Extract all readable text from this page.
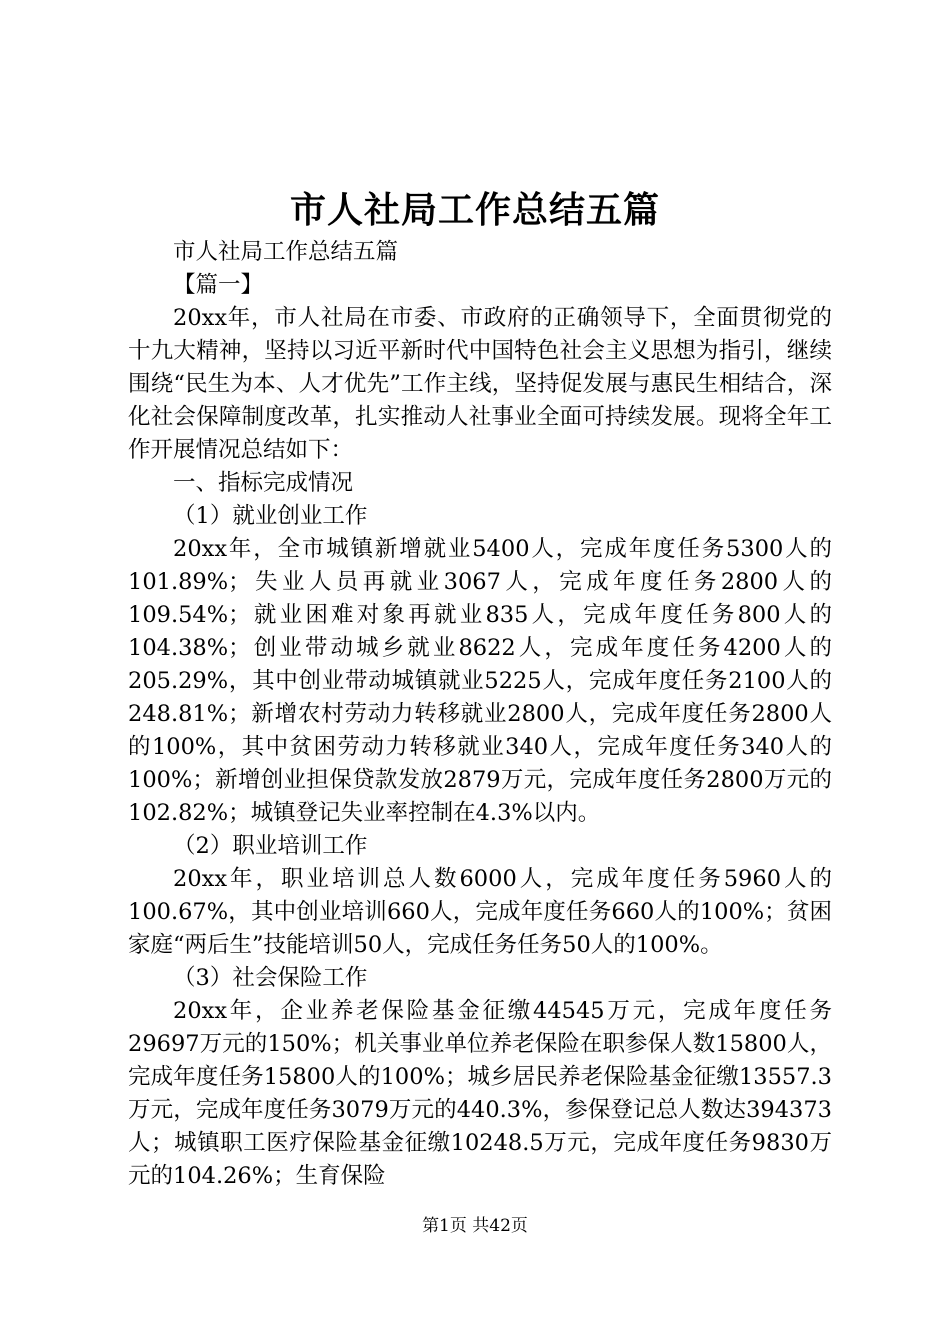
市人社局工作总结五篇

市人社局工作总结五篇

【篇一】

20xx年，市人社局在市委、市政府的正确领导下，全面贯彻党的十九大精神，坚持以习近平新时代中国特色社会主义思想为指引，继续围绕“民生为本、人才优先”工作主线，坚持促发展与惠民生相结合，深化社会保障制度改革，扎实推动人社事业全面可持续发展。现将全年工作开展情况总结如下：

一、指标完成情况

（1）就业创业工作

20xx年，全市城镇新增就业5400人，完成年度任务5300人的101.89%；失业人员再就业3067人，完成年度任务2800人的109.54%；就业困难对象再就业835人，完成年度任务800人的104.38%；创业带动城乡就业8622人，完成年度任务4200人的205.29%，其中创业带动城镇就业5225人，完成年度任务2100人的248.81%；新增农村劳动力转移就业2800人，完成年度任务2800人的100%，其中贫困劳动力转移就业340人，完成年度任务340人的100%；新增创业担保贷款发放2879万元，完成年度任务2800万元的102.82%；城镇登记失业率控制在4.3%以内。

（2）职业培训工作

20xx年，职业培训总人数6000人，完成年度任务5960人的100.67%，其中创业培训660人，完成年度任务660人的100%；贫困家庭“两后生”技能培训50人，完成任务任务50人的100%。

（3）社会保险工作

20xx年，企业养老保险基金征缴44545万元，完成年度任务29697万元的150%；机关事业单位养老保险在职参保人数15800人，完成年度任务15800人的100%；城乡居民养老保险基金征缴13557.3万元，完成年度任务3079万元的440.3%，参保登记总人数达394373人；城镇职工医疗保险基金征缴10248.5万元，完成年度任务9830万元的104.26%；生育保险

第1页 共42页
